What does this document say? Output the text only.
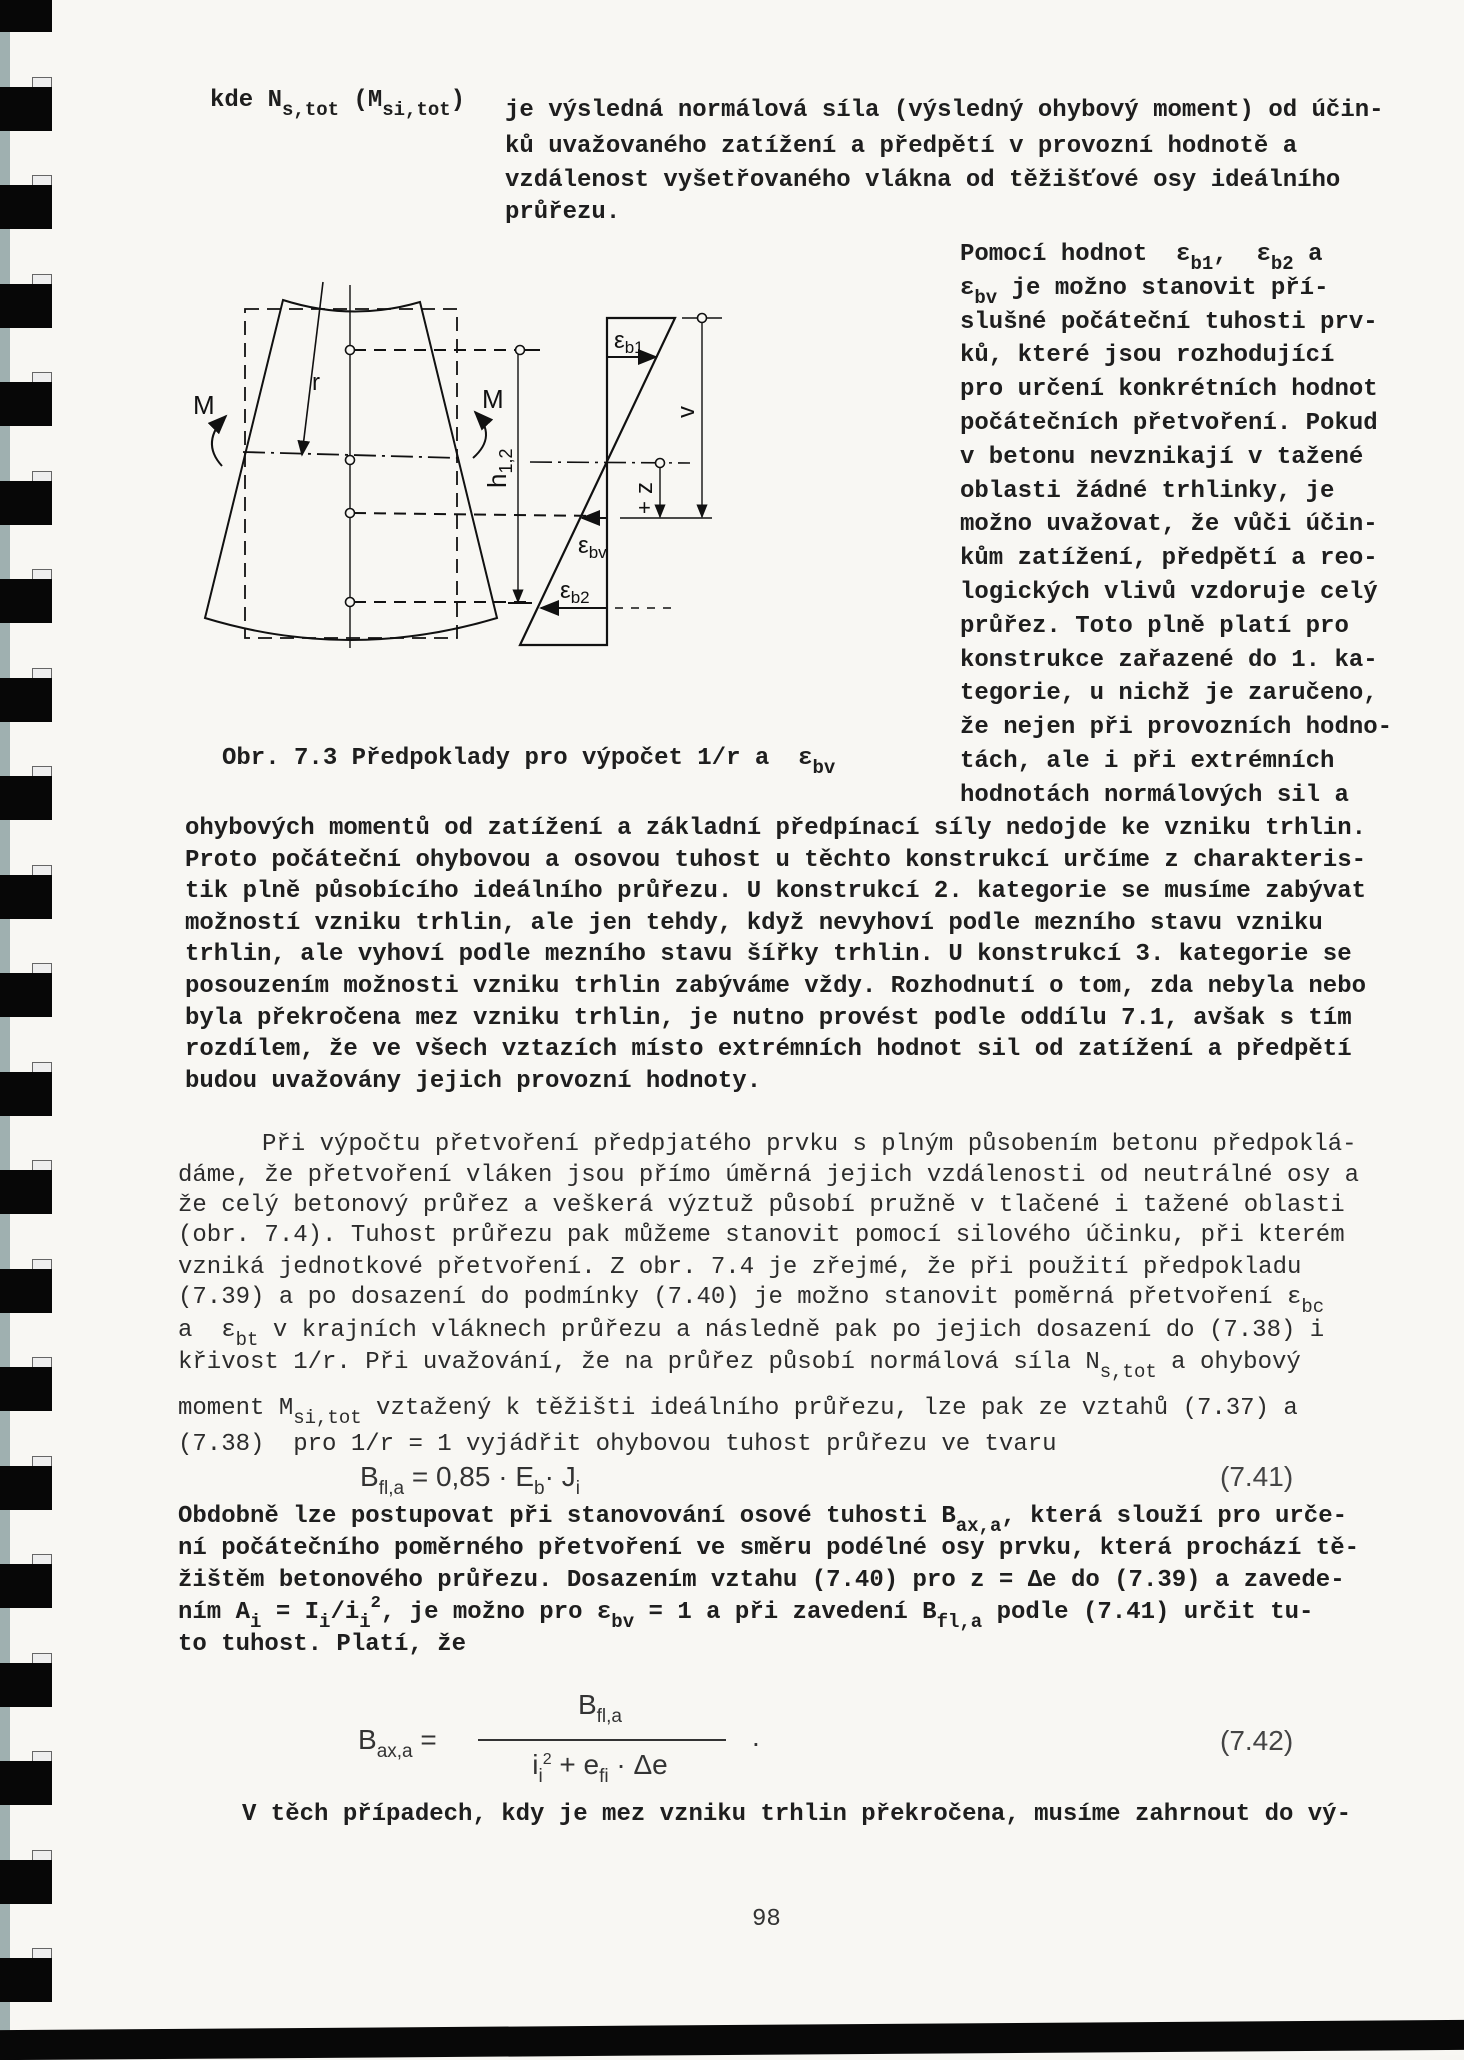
kde $N_{s,tot}$ $(M_{si,tot})$ je výsledná normálová síla (výsledný ohybový moment) od účin-
ků uvažovaného zatížení a předpětí v provozní hodnotě a
vzdálenost vyšetřovaného vlákna od těžišťové osy ideálního
průřezu.
Pomocí hodnot  $\varepsilon_{b1}$,  $\varepsilon_{b2}$ a
$\varepsilon_{bv}$ je možno stanovit pří-
slušné počáteční tuhosti prv-
ků, které jsou rozhodující
pro určení konkrétních hodnot
počátečních přetvoření. Pokud
v betonu nevznikají v tažené
oblasti žádné trhlinky, je
možno uvažovat, že vůči účin-
kům zatížení, předpětí a reo-
logických vlivů vzdoruje celý
průřez. Toto plně platí pro
konstrukce zařazené do 1. ka-
tegorie, u nichž je zaručeno,
že nejen při provozních hodno-
tách, ale i při extrémních
hodnotách normálových sil a
Obr. 7.3 Předpoklady pro výpočet 1/r a  $\varepsilon_{bv}$
ohybových momentů od zatížení a základní předpínací síly nedojde ke vzniku trhlin.
Proto počáteční ohybovou a osovou tuhost u těchto konstrukcí určíme z charakteris-
tik plně působícího ideálního průřezu. U konstrukcí 2. kategorie se musíme zabývat
možností vzniku trhlin, ale jen tehdy, když nevyhoví podle mezního stavu vzniku
trhlin, ale vyhoví podle mezního stavu šířky trhlin. U konstrukcí 3. kategorie se
posouzením možnosti vzniku trhlin zabýváme vždy. Rozhodnutí o tom, zda nebyla nebo
byla překročena mez vzniku trhlin, je nutno provést podle oddílu 7.1, avšak s tím
rozdílem, že ve všech vztazích místo extrémních hodnot sil od zatížení a předpětí
budou uvažovány jejich provozní hodnoty.
Při výpočtu přetvoření předpjatého prvku s plným působením betonu předpoklá-
dáme, že přetvoření vláken jsou přímo úměrná jejich vzdálenosti od neutrálné osy a
že celý betonový průřez a veškerá výztuž působí pružně v tlačené i tažené oblasti
(obr. 7.4). Tuhost průřezu pak můžeme stanovit pomocí silového účinku, při kterém
vzniká jednotkové přetvoření. Z obr. 7.4 je zřejmé, že při použití předpokladu
(7.39) a po dosazení do podmínky (7.40) je možno stanovit poměrná přetvoření $\varepsilon_{bc}$
a  $\varepsilon_{bt}$ v krajních vláknech průřezu a následně pak po jejich dosazení do (7.38) i
křivost 1/r. Při uvažování, že na průřez působí normálová síla $N_{s,tot}$ a ohybový
moment $M_{si,tot}$ vztažený k těžišti ideálního průřezu, lze pak ze vztahů (7.37) a
(7.38)  pro 1/r = 1 vyjádřit ohybovou tuhost průřezu ve tvaru
Obdobně lze postupovat při stanovování osové tuhosti $B_{ax,a}$, která slouží pro urče-
ní počátečního poměrného přetvoření ve směru podélné osy prvku, která prochází tě-
žištěm betonového průřezu. Dosazením vztahu (7.40) pro z = Δe do (7.39) a zavede-
ním $A_i = I_i/i_i^2$, je možno pro $\varepsilon_{bv} = 1$ a při zavedení $B_{fl,a}$ podle (7.41) určit tu-
to tuhost. Platí, že
V těch případech, kdy je mez vzniku trhlin překročena, musíme zahrnout do vý-
M	M
r
$h_{1,2}$
$\varepsilon_{b1}$
$\varepsilon_{bv}$
$\varepsilon_{b2}$
v
z
+
$B_{fl,a} = 0,85 \cdot E_b\cdot J_i$	(7.41)
$B_{ax,a}$ =
$B_{fl,a}$
$i_i^2 + e_{fi} \cdot \Delta e$
.	(7.42)
98
